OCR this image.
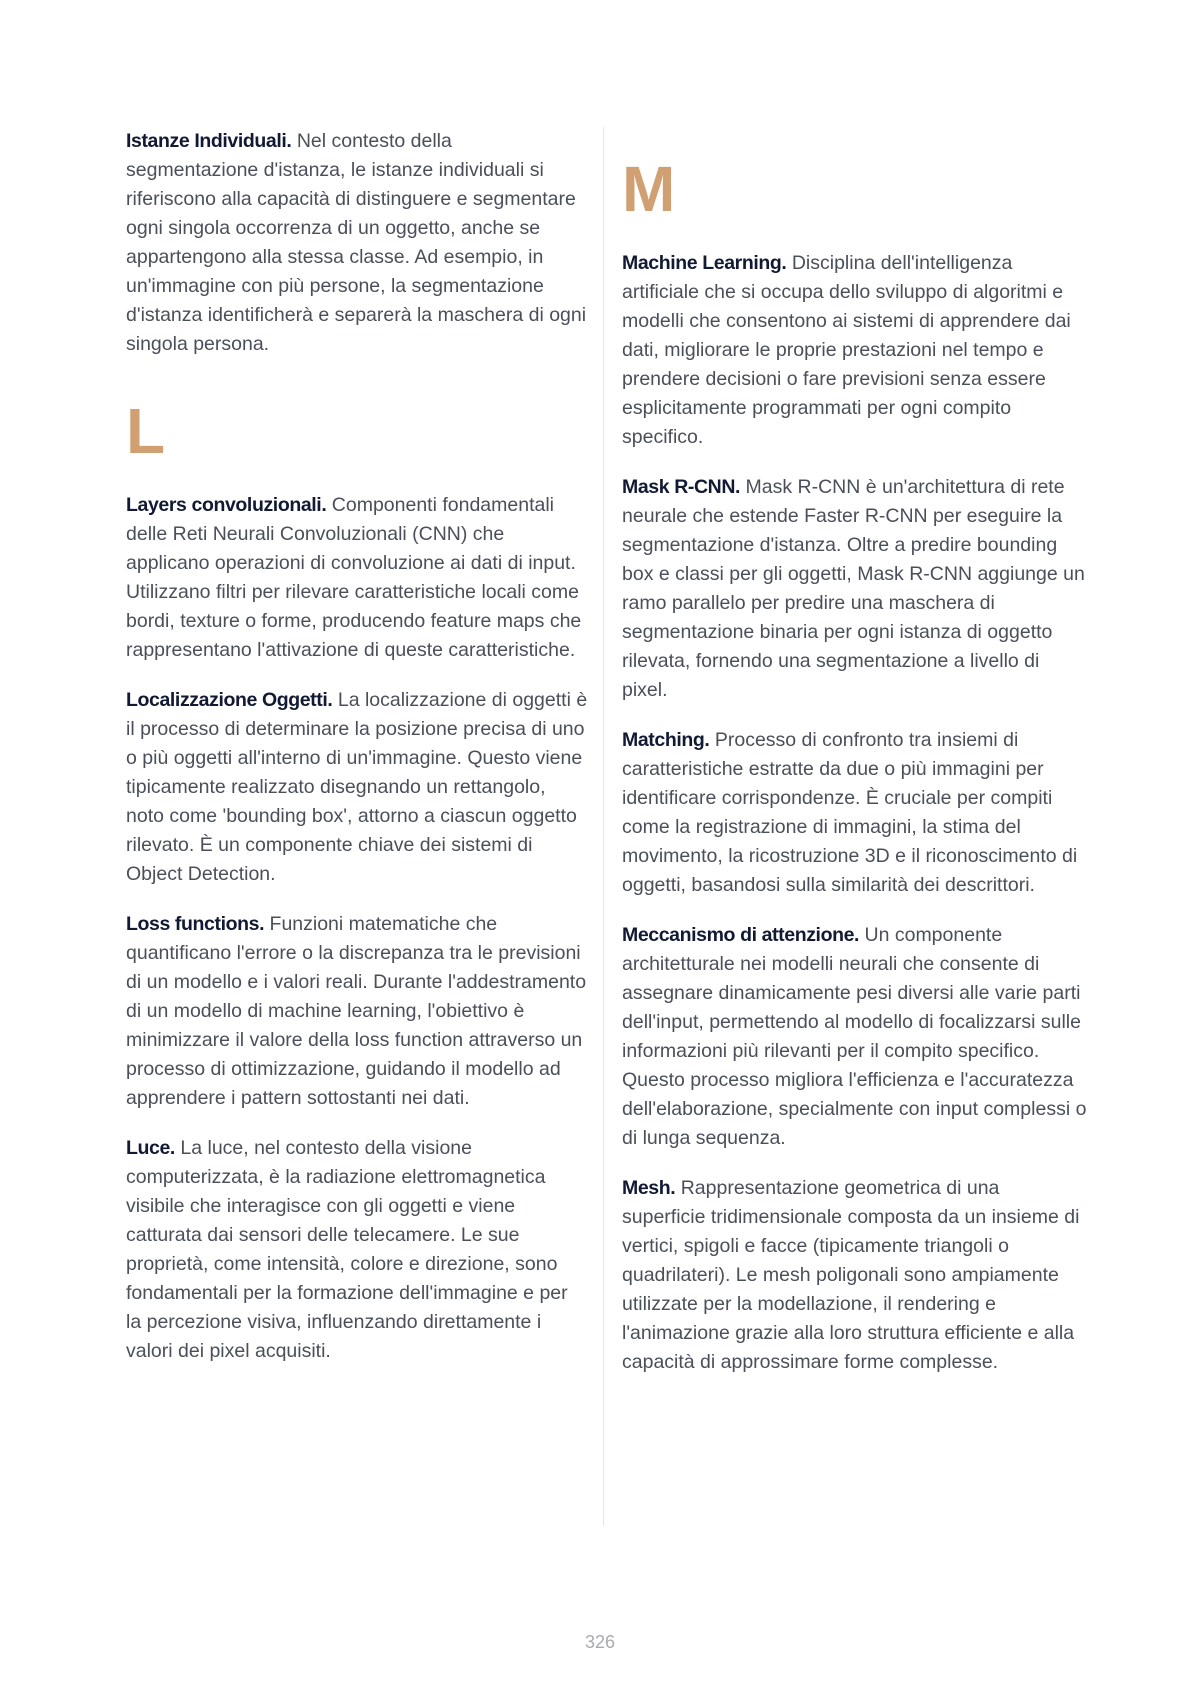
Istanze Individuali. Nel contesto della segmentazione d'istanza, le istanze individuali si riferiscono alla capacità di distinguere e segmentare ogni singola occorrenza di un oggetto, anche se appartengono alla stessa classe. Ad esempio, in un'immagine con più persone, la segmentazione d'istanza identificherà e separerà la maschera di ogni singola persona.

L

Layers convoluzionali. Componenti fondamentali delle Reti Neurali Convoluzionali (CNN) che applicano operazioni di convoluzione ai dati di input. Utilizzano filtri per rilevare caratteristiche locali come bordi, texture o forme, producendo feature maps che rappresentano l'attivazione di queste caratteristiche.

Localizzazione Oggetti. La localizzazione di oggetti è il processo di determinare la posizione precisa di uno o più oggetti all'interno di un'immagine. Questo viene tipicamente realizzato disegnando un rettangolo, noto come 'bounding box', attorno a ciascun oggetto rilevato. È un componente chiave dei sistemi di Object Detection.

Loss functions. Funzioni matematiche che quantificano l'errore o la discrepanza tra le previsioni di un modello e i valori reali. Durante l'addestramento di un modello di machine learning, l'obiettivo è minimizzare il valore della loss function attraverso un processo di ottimizzazione, guidando il modello ad apprendere i pattern sottostanti nei dati.

Luce. La luce, nel contesto della visione computerizzata, è la radiazione elettromagnetica visibile che interagisce con gli oggetti e viene catturata dai sensori delle telecamere. Le sue proprietà, come intensità, colore e direzione, sono fondamentali per la formazione dell'immagine e per la percezione visiva, influenzando direttamente i valori dei pixel acquisiti.

M

Machine Learning. Disciplina dell'intelligenza artificiale che si occupa dello sviluppo di algoritmi e modelli che consentono ai sistemi di apprendere dai dati, migliorare le proprie prestazioni nel tempo e prendere decisioni o fare previsioni senza essere esplicitamente programmati per ogni compito specifico.

Mask R-CNN. Mask R-CNN è un'architettura di rete neurale che estende Faster R-CNN per eseguire la segmentazione d'istanza. Oltre a predire bounding box e classi per gli oggetti, Mask R-CNN aggiunge un ramo parallelo per predire una maschera di segmentazione binaria per ogni istanza di oggetto rilevata, fornendo una segmentazione a livello di pixel.

Matching. Processo di confronto tra insiemi di caratteristiche estratte da due o più immagini per identificare corrispondenze. È cruciale per compiti come la registrazione di immagini, la stima del movimento, la ricostruzione 3D e il riconoscimento di oggetti, basandosi sulla similarità dei descrittori.

Meccanismo di attenzione. Un componente architetturale nei modelli neurali che consente di assegnare dinamicamente pesi diversi alle varie parti dell'input, permettendo al modello di focalizzarsi sulle informazioni più rilevanti per il compito specifico. Questo processo migliora l'efficienza e l'accuratezza dell'elaborazione, specialmente con input complessi o di lunga sequenza.

Mesh. Rappresentazione geometrica di una superficie tridimensionale composta da un insieme di vertici, spigoli e facce (tipicamente triangoli o quadrilateri). Le mesh poligonali sono ampiamente utilizzate per la modellazione, il rendering e l'animazione grazie alla loro struttura efficiente e alla capacità di approssimare forme complesse.

326
